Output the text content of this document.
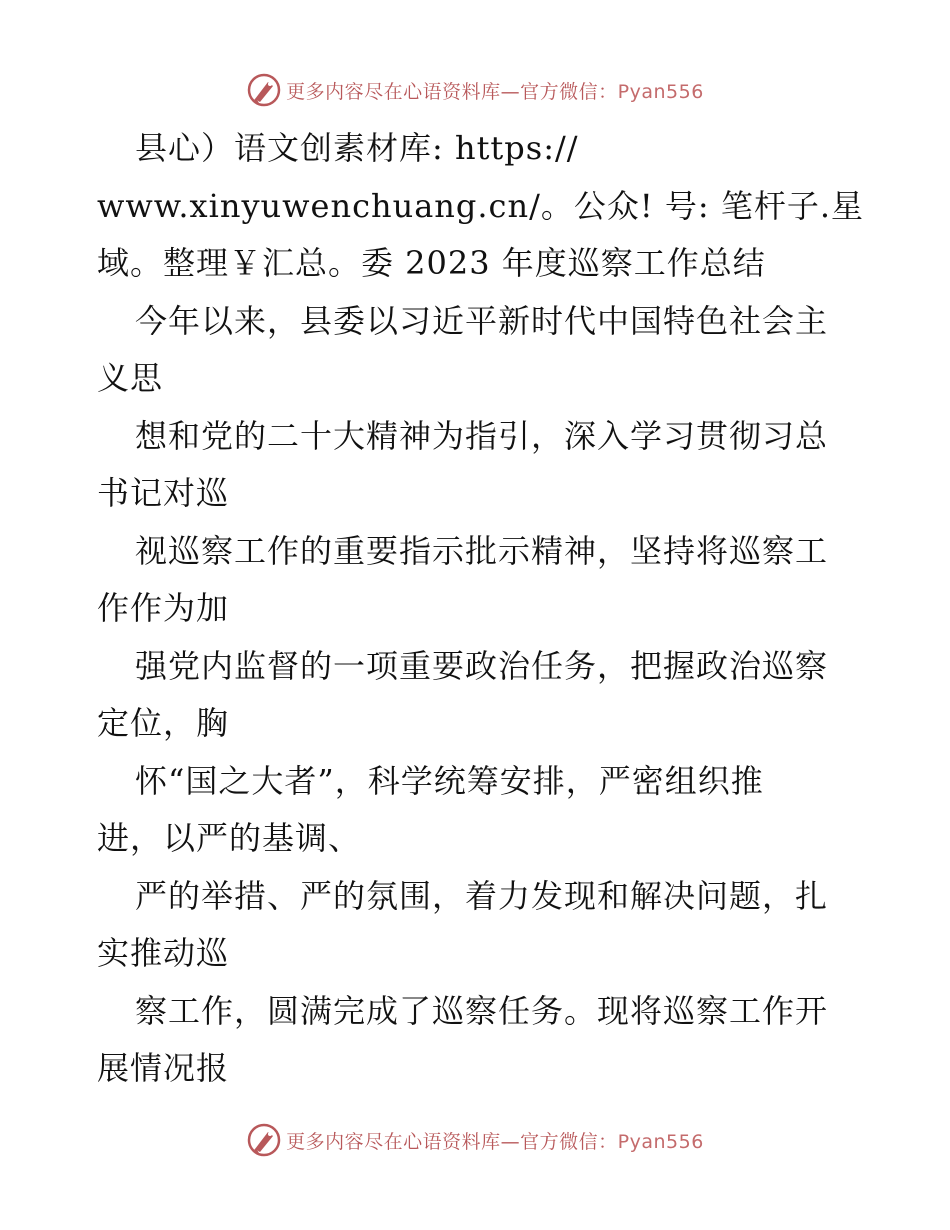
更多内容尽在心语资料库—官方微信：Pyan556
县心）语文创素材库: https://
www.xinyuwenchuang.cn/。公众! 号: 笔杆子.星
域。整理￥汇总。委 2023 年度巡察工作总结
今年以来，县委以习近平新时代中国特色社会主
义思
想和党的二十大精神为指引，深入学习贯彻习总
书记对巡
视巡察工作的重要指示批示精神，坚持将巡察工
作作为加
强党内监督的一项重要政治任务，把握政治巡察
定位，胸
怀“国之大者”，科学统筹安排，严密组织推
进，以严的基调、
严的举措、严的氛围，着力发现和解决问题，扎
实推动巡
察工作，圆满完成了巡察任务。现将巡察工作开
展情况报
更多内容尽在心语资料库—官方微信：Pyan556
